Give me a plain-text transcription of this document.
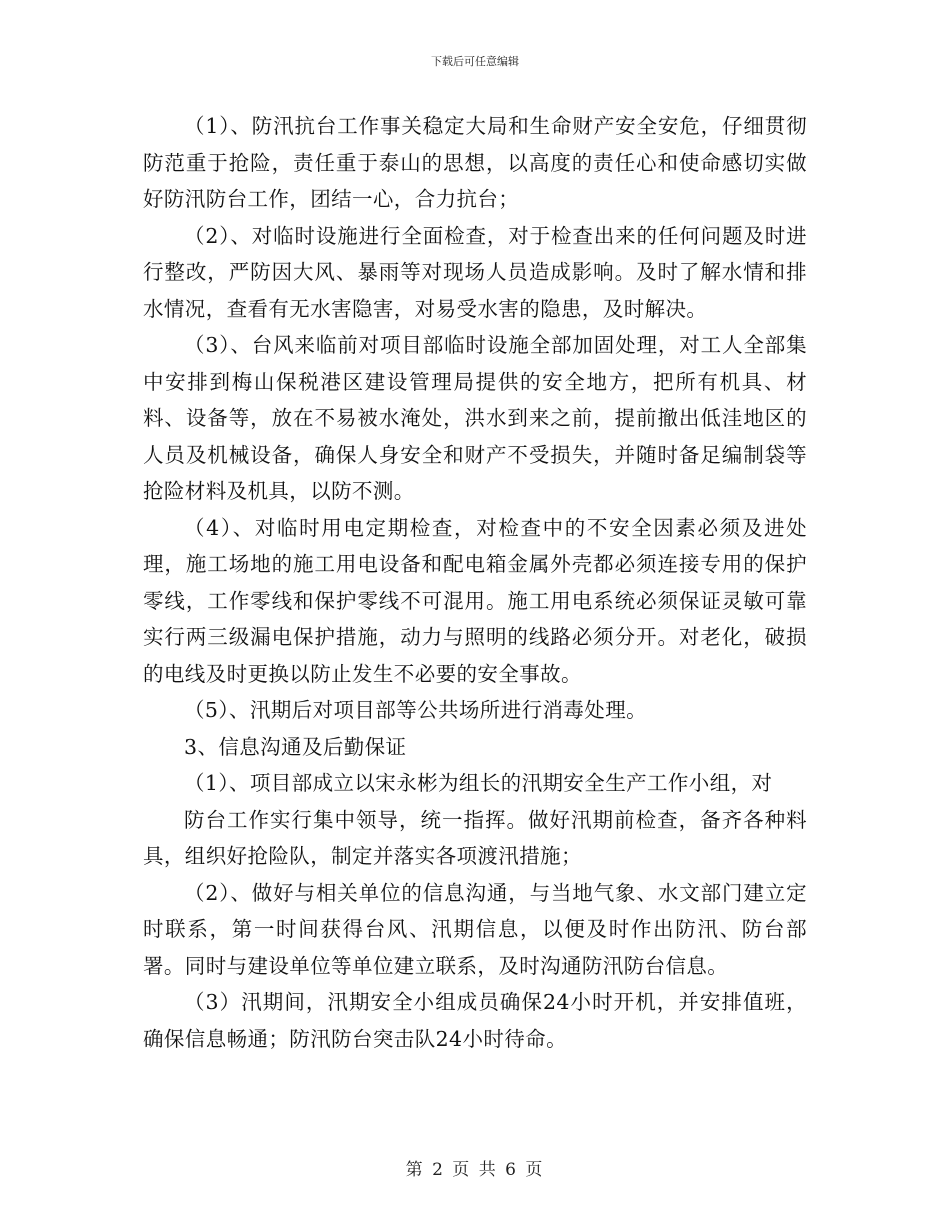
下载后可任意编辑

（1）、防汛抗台工作事关稳定大局和生命财产安全安危，仔细贯彻防范重于抢险，责任重于泰山的思想，以高度的责任心和使命感切实做好防汛防台工作，团结一心，合力抗台；

（2）、对临时设施进行全面检查，对于检查出来的任何问题及时进行整改，严防因大风、暴雨等对现场人员造成影响。及时了解水情和排水情况，查看有无水害隐害，对易受水害的隐患，及时解决。

（3）、台风来临前对项目部临时设施全部加固处理，对工人全部集中安排到梅山保税港区建设管理局提供的安全地方，把所有机具、材料、设备等，放在不易被水淹处，洪水到来之前，提前撤出低洼地区的人员及机械设备，确保人身安全和财产不受损失，并随时备足编制袋等抢险材料及机具，以防不测。

（4）、对临时用电定期检查，对检查中的不安全因素必须及进处理，施工场地的施工用电设备和配电箱金属外壳都必须连接专用的保护零线，工作零线和保护零线不可混用。施工用电系统必须保证灵敏可靠实行两三级漏电保护措施，动力与照明的线路必须分开。对老化，破损的电线及时更换以防止发生不必要的安全事故。

（5）、汛期后对项目部等公共场所进行消毒处理。

3、信息沟通及后勤保证

（1）、项目部成立以宋永彬为组长的汛期安全生产工作小组，对
防台工作实行集中领导，统一指挥。做好汛期前检查，备齐各种料具，组织好抢险队，制定并落实各项渡汛措施；

（2）、做好与相关单位的信息沟通，与当地气象、水文部门建立定时联系，第一时间获得台风、汛期信息，以便及时作出防汛、防台部署。同时与建设单位等单位建立联系，及时沟通防汛防台信息。

（3）汛期间，汛期安全小组成员确保24小时开机，并安排值班，确保信息畅通；防汛防台突击队24小时待命。

第 2 页 共 6 页
